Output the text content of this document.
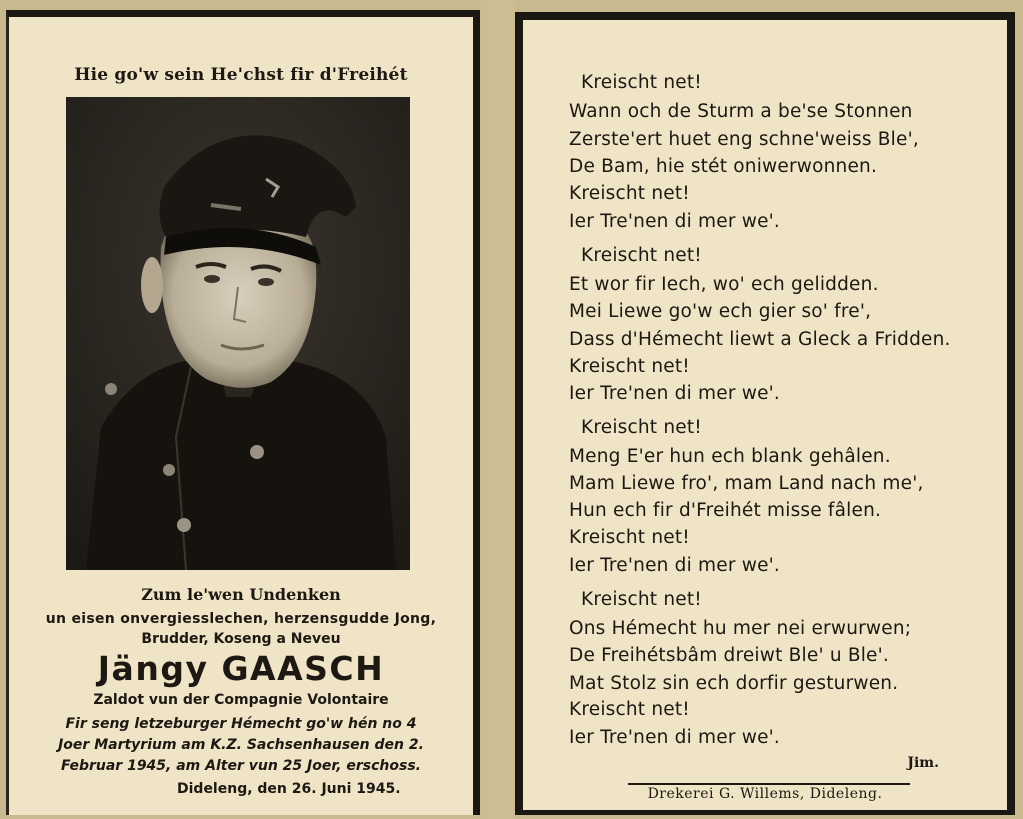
Hie go'w sein He'chst fir d'Freihét
Zum le'wen Undenken
un eisen onvergiesslechen, herzensgudde Jong,
Brudder, Koseng a Neveu
Jängy GAASCH
Zaldot vun der Compagnie Volontaire
Fir seng letzeburger Hémecht go'w hén no 4
Joer Martyrium am K.Z. Sachsenhausen den 2.
Februar 1945, am Alter vun 25 Joer, erschoss.
Dideleng, den 26. Juni 1945.
Kreischt net!
Wann och de Sturm a be'se Stonnen
Zerste'ert huet eng schne'weiss Ble',
De Bam, hie stét oniwerwonnen.
Kreischt net!
Ier Tre'nen di mer we'.
Kreischt net!
Et wor fir Iech, wo' ech gelidden.
Mei Liewe go'w ech gier so' fre',
Dass d'Hémecht liewt a Gleck a Fridden.
Kreischt net!
Ier Tre'nen di mer we'.
Kreischt net!
Meng E'er hun ech blank gehâlen.
Mam Liewe fro', mam Land nach me',
Hun ech fir d'Freihét misse fâlen.
Kreischt net!
Ier Tre'nen di mer we'.
Kreischt net!
Ons Hémecht hu mer nei erwurwen;
De Freihétsbâm dreiwt Ble' u Ble'.
Mat Stolz sin ech dorfir gesturwen.
Kreischt net!
Ier Tre'nen di mer we'.
Jim.
Drekerei G. Willems, Dideleng.
